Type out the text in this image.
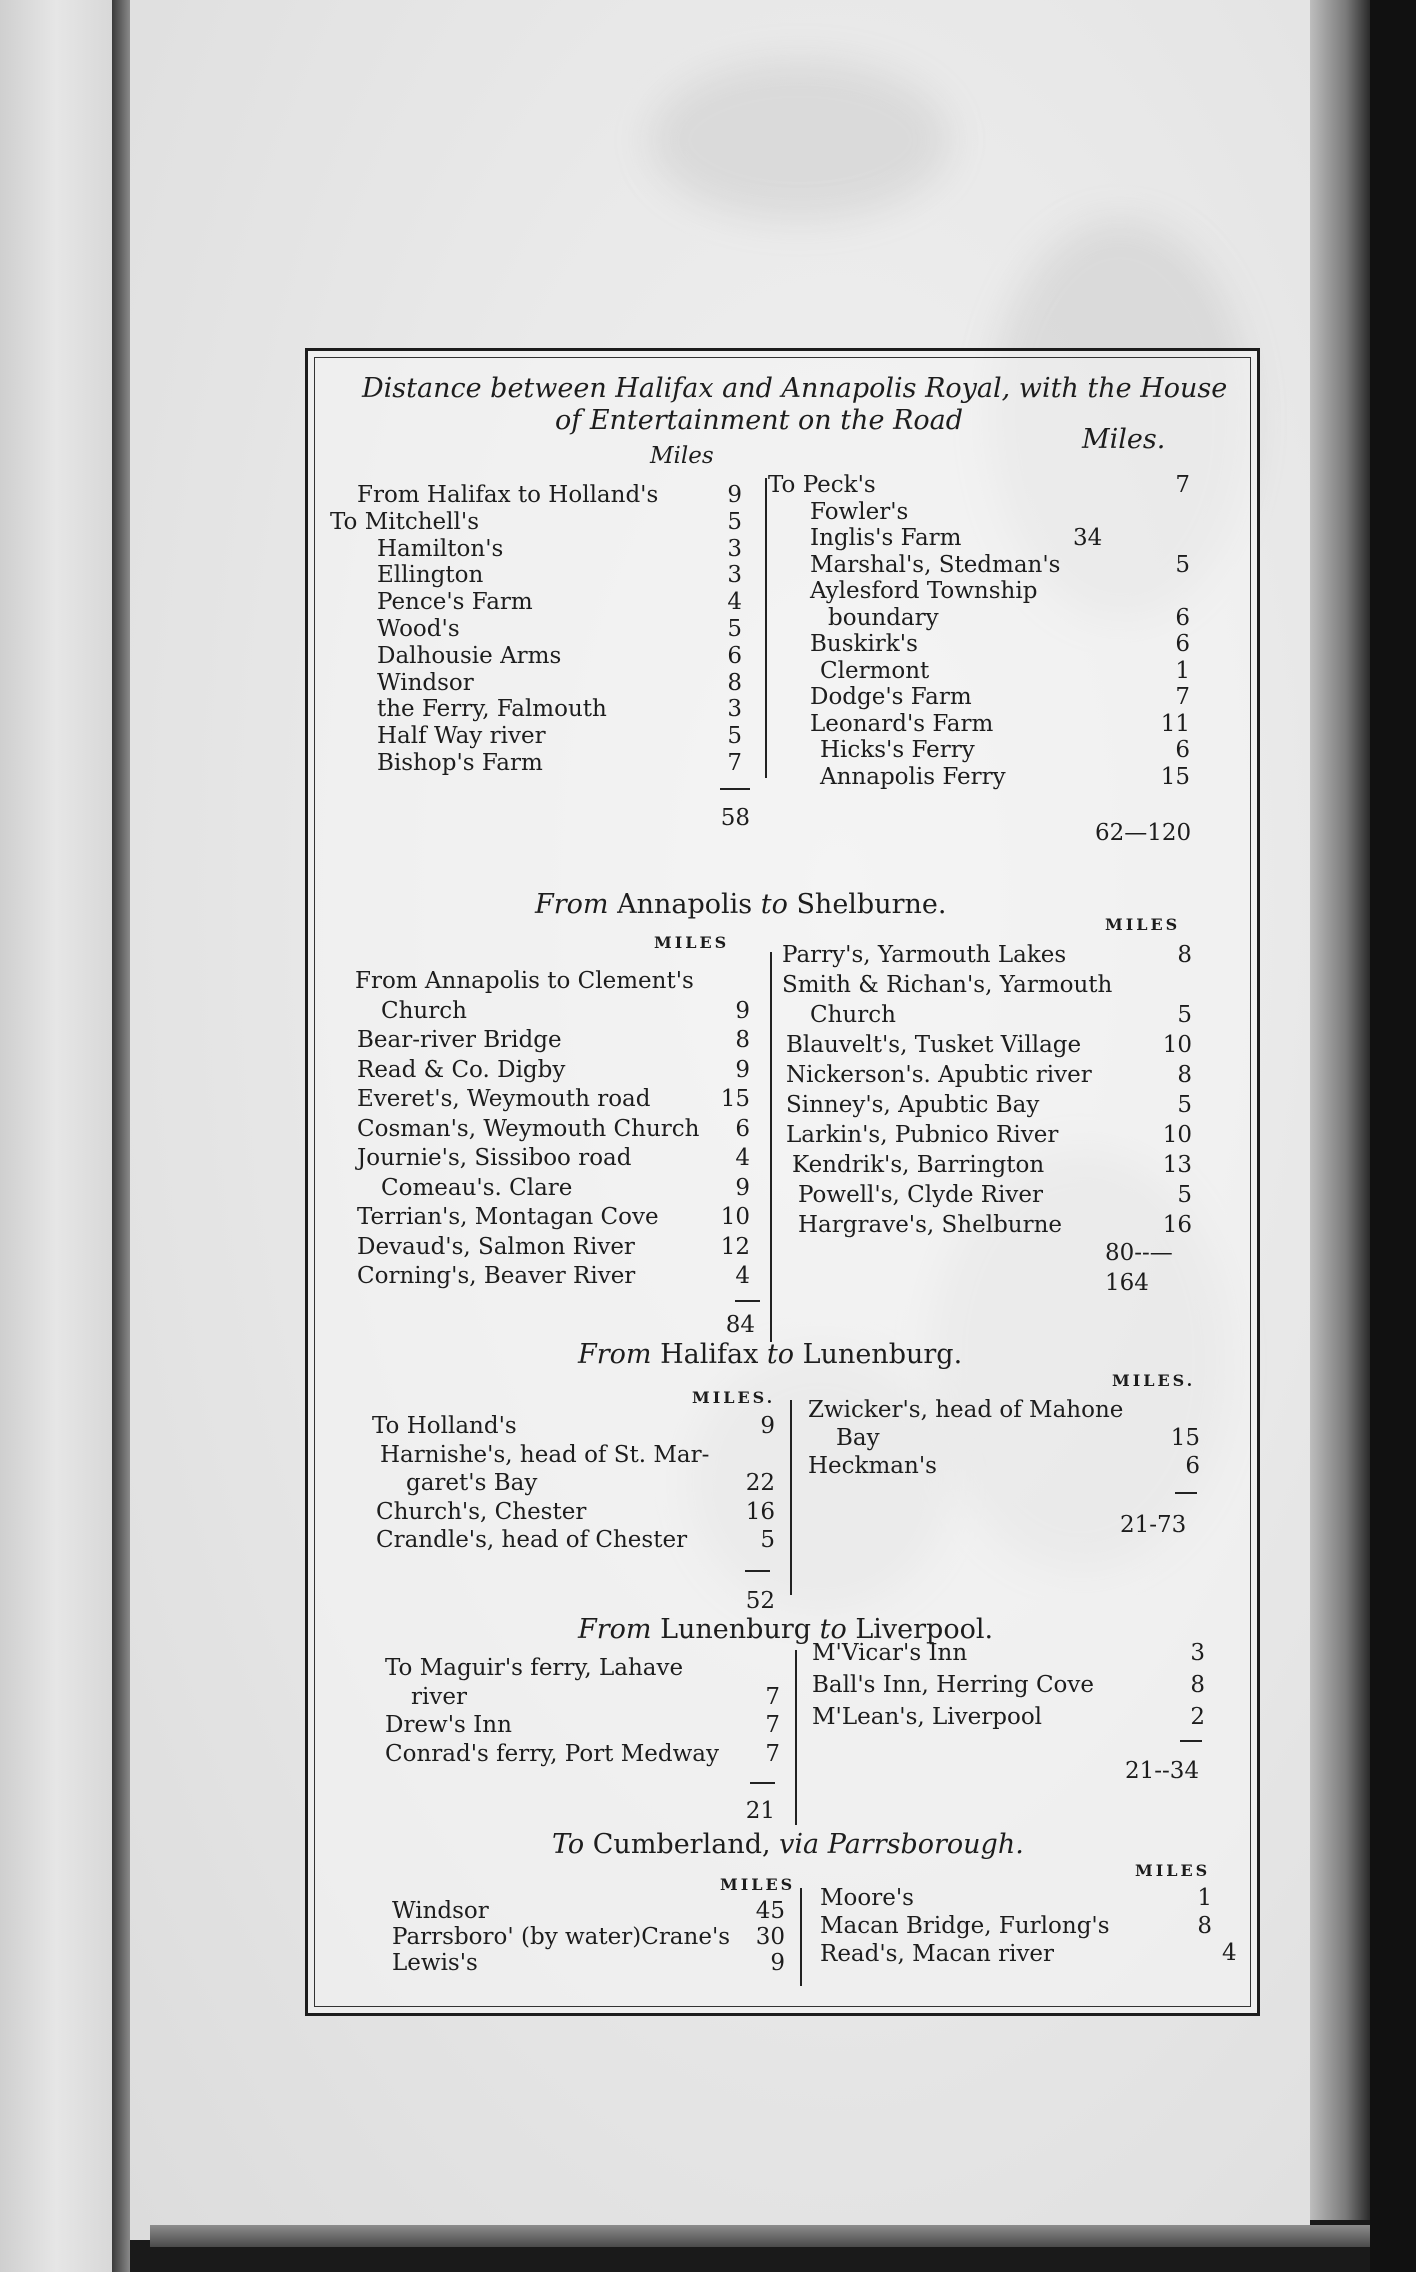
Distance between Halifax and Annapolis Royal, with the House
of Entertainment on the Road
Miles
Miles.
From Halifax to Holland's	9
To Mitchell's	5
Hamilton's	3
Ellington	3
Pence's Farm	4
Wood's	5
Dalhousie Arms	6
Windsor	8
the Ferry, Falmouth	3
Half Way river	5
Bishop's Farm	7
To Peck's	7
Fowler's
Inglis's Farm	34
Marshal's, Stedman's	5
Aylesford Township
boundary	6
Buskirk's	6
Clermont	1
Dodge's Farm	7
Leonard's Farm	11
Hicks's Ferry	6
Annapolis Ferry	15
58
62—120
From Annapolis to Shelburne.
MILES
MILES
From Annapolis to Clement's
Church	9
Bear-river Bridge	8
Read & Co. Digby	9
Everet's, Weymouth road	15
Cosman's, Weymouth Church	6
Journie's, Sissiboo road	4
Comeau's. Clare	9
Terrian's, Montagan Cove	10
Devaud's, Salmon River	12
Corning's, Beaver River	4
Parry's, Yarmouth Lakes	8
Smith & Richan's, Yarmouth
Church	5
Blauvelt's, Tusket Village	10
Nickerson's. Apubtic river	8
Sinney's, Apubtic Bay	5
Larkin's, Pubnico River	10
Kendrik's, Barrington	13
Powell's, Clyde River	5
Hargrave's, Shelburne	16
84
80--—
164
From Halifax to Lunenburg.
MILES.
MILES.
To Holland's	9
Harnishe's, head of St. Mar-
garet's Bay	22
Church's, Chester	16
Crandle's, head of Chester	5
Zwicker's, head of Mahone
Bay	15
Heckman's	6
52
21-73
From Lunenburg to Liverpool.
To Maguir's ferry, Lahave
river	7
Drew's Inn	7
Conrad's ferry, Port Medway	7
M'Vicar's Inn	3
Ball's Inn, Herring Cove	8
M'Lean's, Liverpool	2
21
21--34
To Cumberland, via Parrsborough.
MILES
MILES
Windsor	45
Parrsboro' (by water)Crane's	30
Lewis's	9
Moore's	1
Macan Bridge, Furlong's	8
Read's, Macan river	4
